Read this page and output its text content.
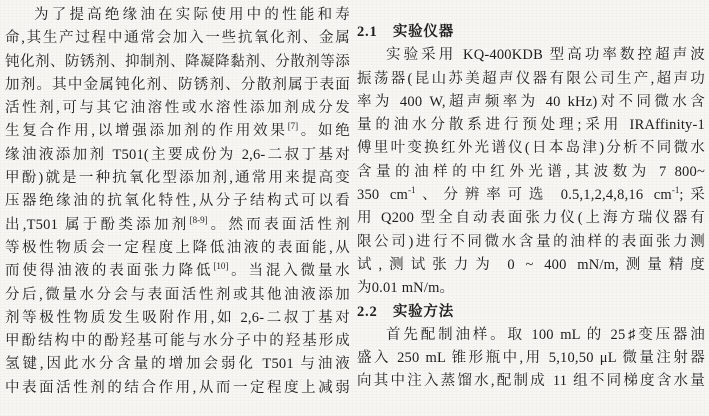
为了提高绝缘油在实际使用中的性能和寿
命,其生产过程中通常会加入一些抗氧化剂、金属
钝化剂、防锈剂、抑制剂、降凝降黏剂、分散剂等添
加剂。其中金属钝化剂、防锈剂、分散剂属于表面
活性剂,可与其它油溶性或水溶性添加剂成分发
生复合作用,以增强添加剂的作用效果[7]。如绝
缘油液添加剂 T501(主要成份为 2,6-二叔丁基对
甲酚)就是一种抗氧化型添加剂,通常用来提高变
压器绝缘油的抗氧化特性,从分子结构式可以看
出,T501 属于酚类添加剂[8-9]。然而表面活性剂
等极性物质会一定程度上降低油液的表面能,从
而使得油液的表面张力降低[10]。当混入微量水
分后,微量水分会与表面活性剂或其他油液添加
剂等极性物质发生吸附作用,如 2,6-二叔丁基对
甲酚结构中的酚羟基可能与水分子中的羟基形成
氢键,因此水分含量的增加会弱化 T501 与油液
中表面活性剂的结合作用,从而一定程度上减弱
2.1　实验仪器
实验采用 KQ-400KDB 型高功率数控超声波
振荡器(昆山苏美超声仪器有限公司生产,超声功
率为 400 W,超声频率为 40 kHz)对不同微水含
量的油水分散系进行预处理;采用 IRAffinity-1
傅里叶变换红外光谱仪(日本岛津)分析不同微水
含量的油样的中红外光谱,其波数为 7 800~
350 cm$^{-1}$、分辨率可选 0.5,1,2,4,8,16 cm$^{-1}$;采
用 Q200 型全自动表面张力仪(上海方瑞仪器有
限公司)进行不同微水含量的油样的表面张力测
试,测试张力为 0 ~ 400 mN/m,测量精度
为0.01 mN/m。
2.2　实验方法
首先配制油样。取 100 mL 的 25♯变压器油
盛入 250 mL 锥形瓶中,用 5,10,50 μL 微量注射器
向其中注入蒸馏水,配制成 11 组不同梯度含水量
